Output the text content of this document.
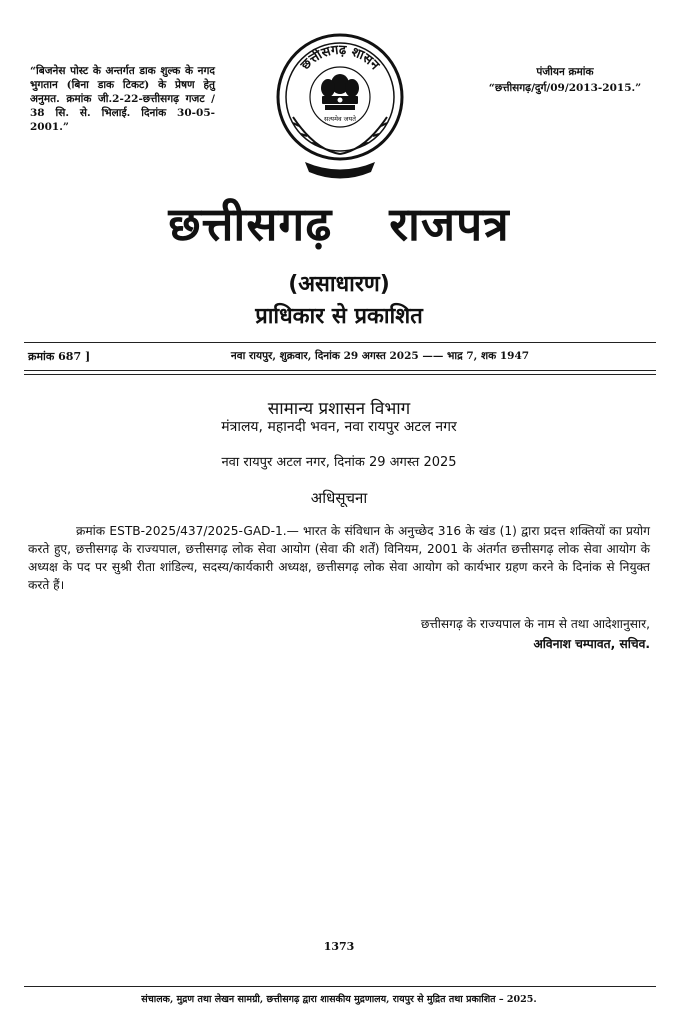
“बिजनेस पोस्ट के अन्तर्गत डाक शुल्क के नगद भुगतान (बिना डाक टिकट) के प्रेषण हेतु अनुमत. क्रमांक जी.2-22-छत्तीसगढ़ गजट / 38 सि. से. भिलाई. दिनांक 30-05-2001.”
पंजीयन क्रमांक
“छत्तीसगढ़/दुर्ग/09/2013-2015.”
छत्तीसगढ़ शासन
सत्यमेव जयते
छत्तीसगढ़ राजपत्र
(असाधारण)
प्राधिकार से प्रकाशित
क्रमांक 687 ]	नवा रायपुर, शुक्रवार, दिनांक 29 अगस्त 2025 —— भाद्र 7, शक 1947
सामान्य प्रशासन विभाग
मंत्रालय, महानदी भवन, नवा रायपुर अटल नगर
नवा रायपुर अटल नगर, दिनांक 29 अगस्त 2025
अधिसूचना
क्रमांक ESTB-2025/437/2025-GAD-1.— भारत के संविधान के अनुच्छेद 316 के खंड (1) द्वारा प्रदत्त शक्तियों का प्रयोग करते हुए, छत्तीसगढ़ के राज्यपाल, छत्तीसगढ़ लोक सेवा आयोग (सेवा की शर्तें) विनियम, 2001 के अंतर्गत छत्तीसगढ़ लोक सेवा आयोग के अध्यक्ष के पद पर सुश्री रीता शांडिल्य, सदस्य/कार्यकारी अध्यक्ष, छत्तीसगढ़ लोक सेवा आयोग को कार्यभार ग्रहण करने के दिनांक से नियुक्त करते हैं।
छत्तीसगढ़ के राज्यपाल के नाम से तथा आदेशानुसार,
अविनाश चम्पावत, सचिव.
1373
संचालक, मुद्रण तथा लेखन सामग्री, छत्तीसगढ़ द्वारा शासकीय मुद्रणालय, रायपुर से मुद्रित तथा प्रकाशित – 2025.
